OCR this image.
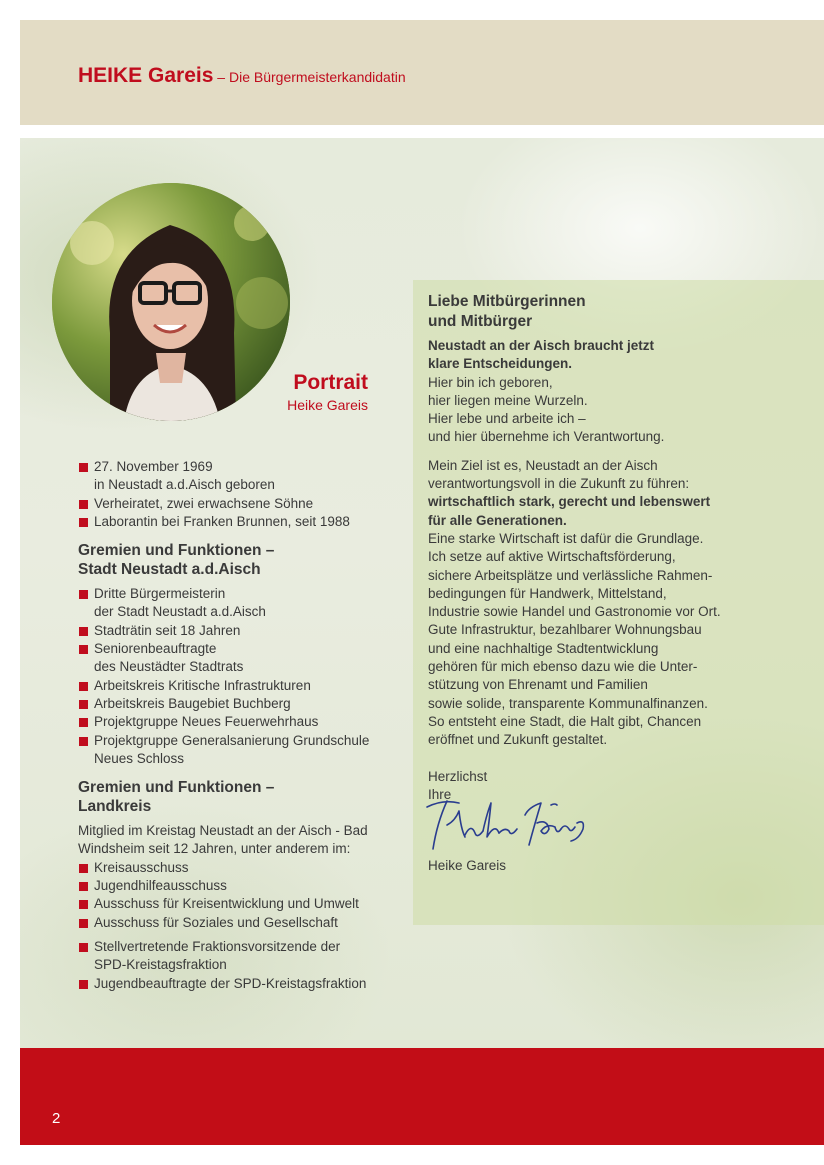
HEIKE Gareis – Die Bürgermeisterkandidatin
Portrait
Heike Gareis
27. November 1969
in Neustadt a.d.Aisch geboren
Verheiratet, zwei erwachsene Söhne
Laborantin bei Franken Brunnen, seit 1988
Gremien und Funktionen –
Stadt Neustadt a.d.Aisch
Dritte Bürgermeisterin
der Stadt Neustadt a.d.Aisch
Stadträtin seit 18 Jahren
Seniorenbeauftragte
des Neustädter Stadtrats
Arbeitskreis Kritische Infrastrukturen
Arbeitskreis Baugebiet Buchberg
Projektgruppe Neues Feuerwehrhaus
Projektgruppe Generalsanierung Grundschule
Neues Schloss
Gremien und Funktionen –
Landkreis
Mitglied im Kreistag Neustadt an der Aisch - Bad
Windsheim seit 12 Jahren, unter anderem im:
Kreisausschuss
Jugendhilfeausschuss
Ausschuss für Kreisentwicklung und Umwelt
Ausschuss für Soziales und Gesellschaft
Stellvertretende Fraktionsvorsitzende der
SPD-Kreistagsfraktion
Jugendbeauftragte der SPD-Kreistagsfraktion
Liebe Mitbürgerinnen
und Mitbürger
Neustadt an der Aisch braucht jetzt
klare Entscheidungen.
Hier bin ich geboren,
hier liegen meine Wurzeln.
Hier lebe und arbeite ich –
und hier übernehme ich Verantwortung.
Mein Ziel ist es, Neustadt an der Aisch
verantwortungsvoll in die Zukunft zu führen:
wirtschaftlich stark, gerecht und lebenswert
für alle Generationen.
Eine starke Wirtschaft ist dafür die Grundlage.
Ich setze auf aktive Wirtschaftsförderung,
sichere Arbeitsplätze und verlässliche Rahmen-
bedingungen für Handwerk, Mittelstand,
Industrie sowie Handel und Gastronomie vor Ort.
Gute Infrastruktur, bezahlbarer Wohnungsbau
und eine nachhaltige Stadtentwicklung
gehören für mich ebenso dazu wie die Unter-
stützung von Ehrenamt und Familien
sowie solide, transparente Kommunalfinanzen.
So entsteht eine Stadt, die Halt gibt, Chancen
eröffnet und Zukunft gestaltet.
Herzlichst
Ihre
Heike Gareis
2
